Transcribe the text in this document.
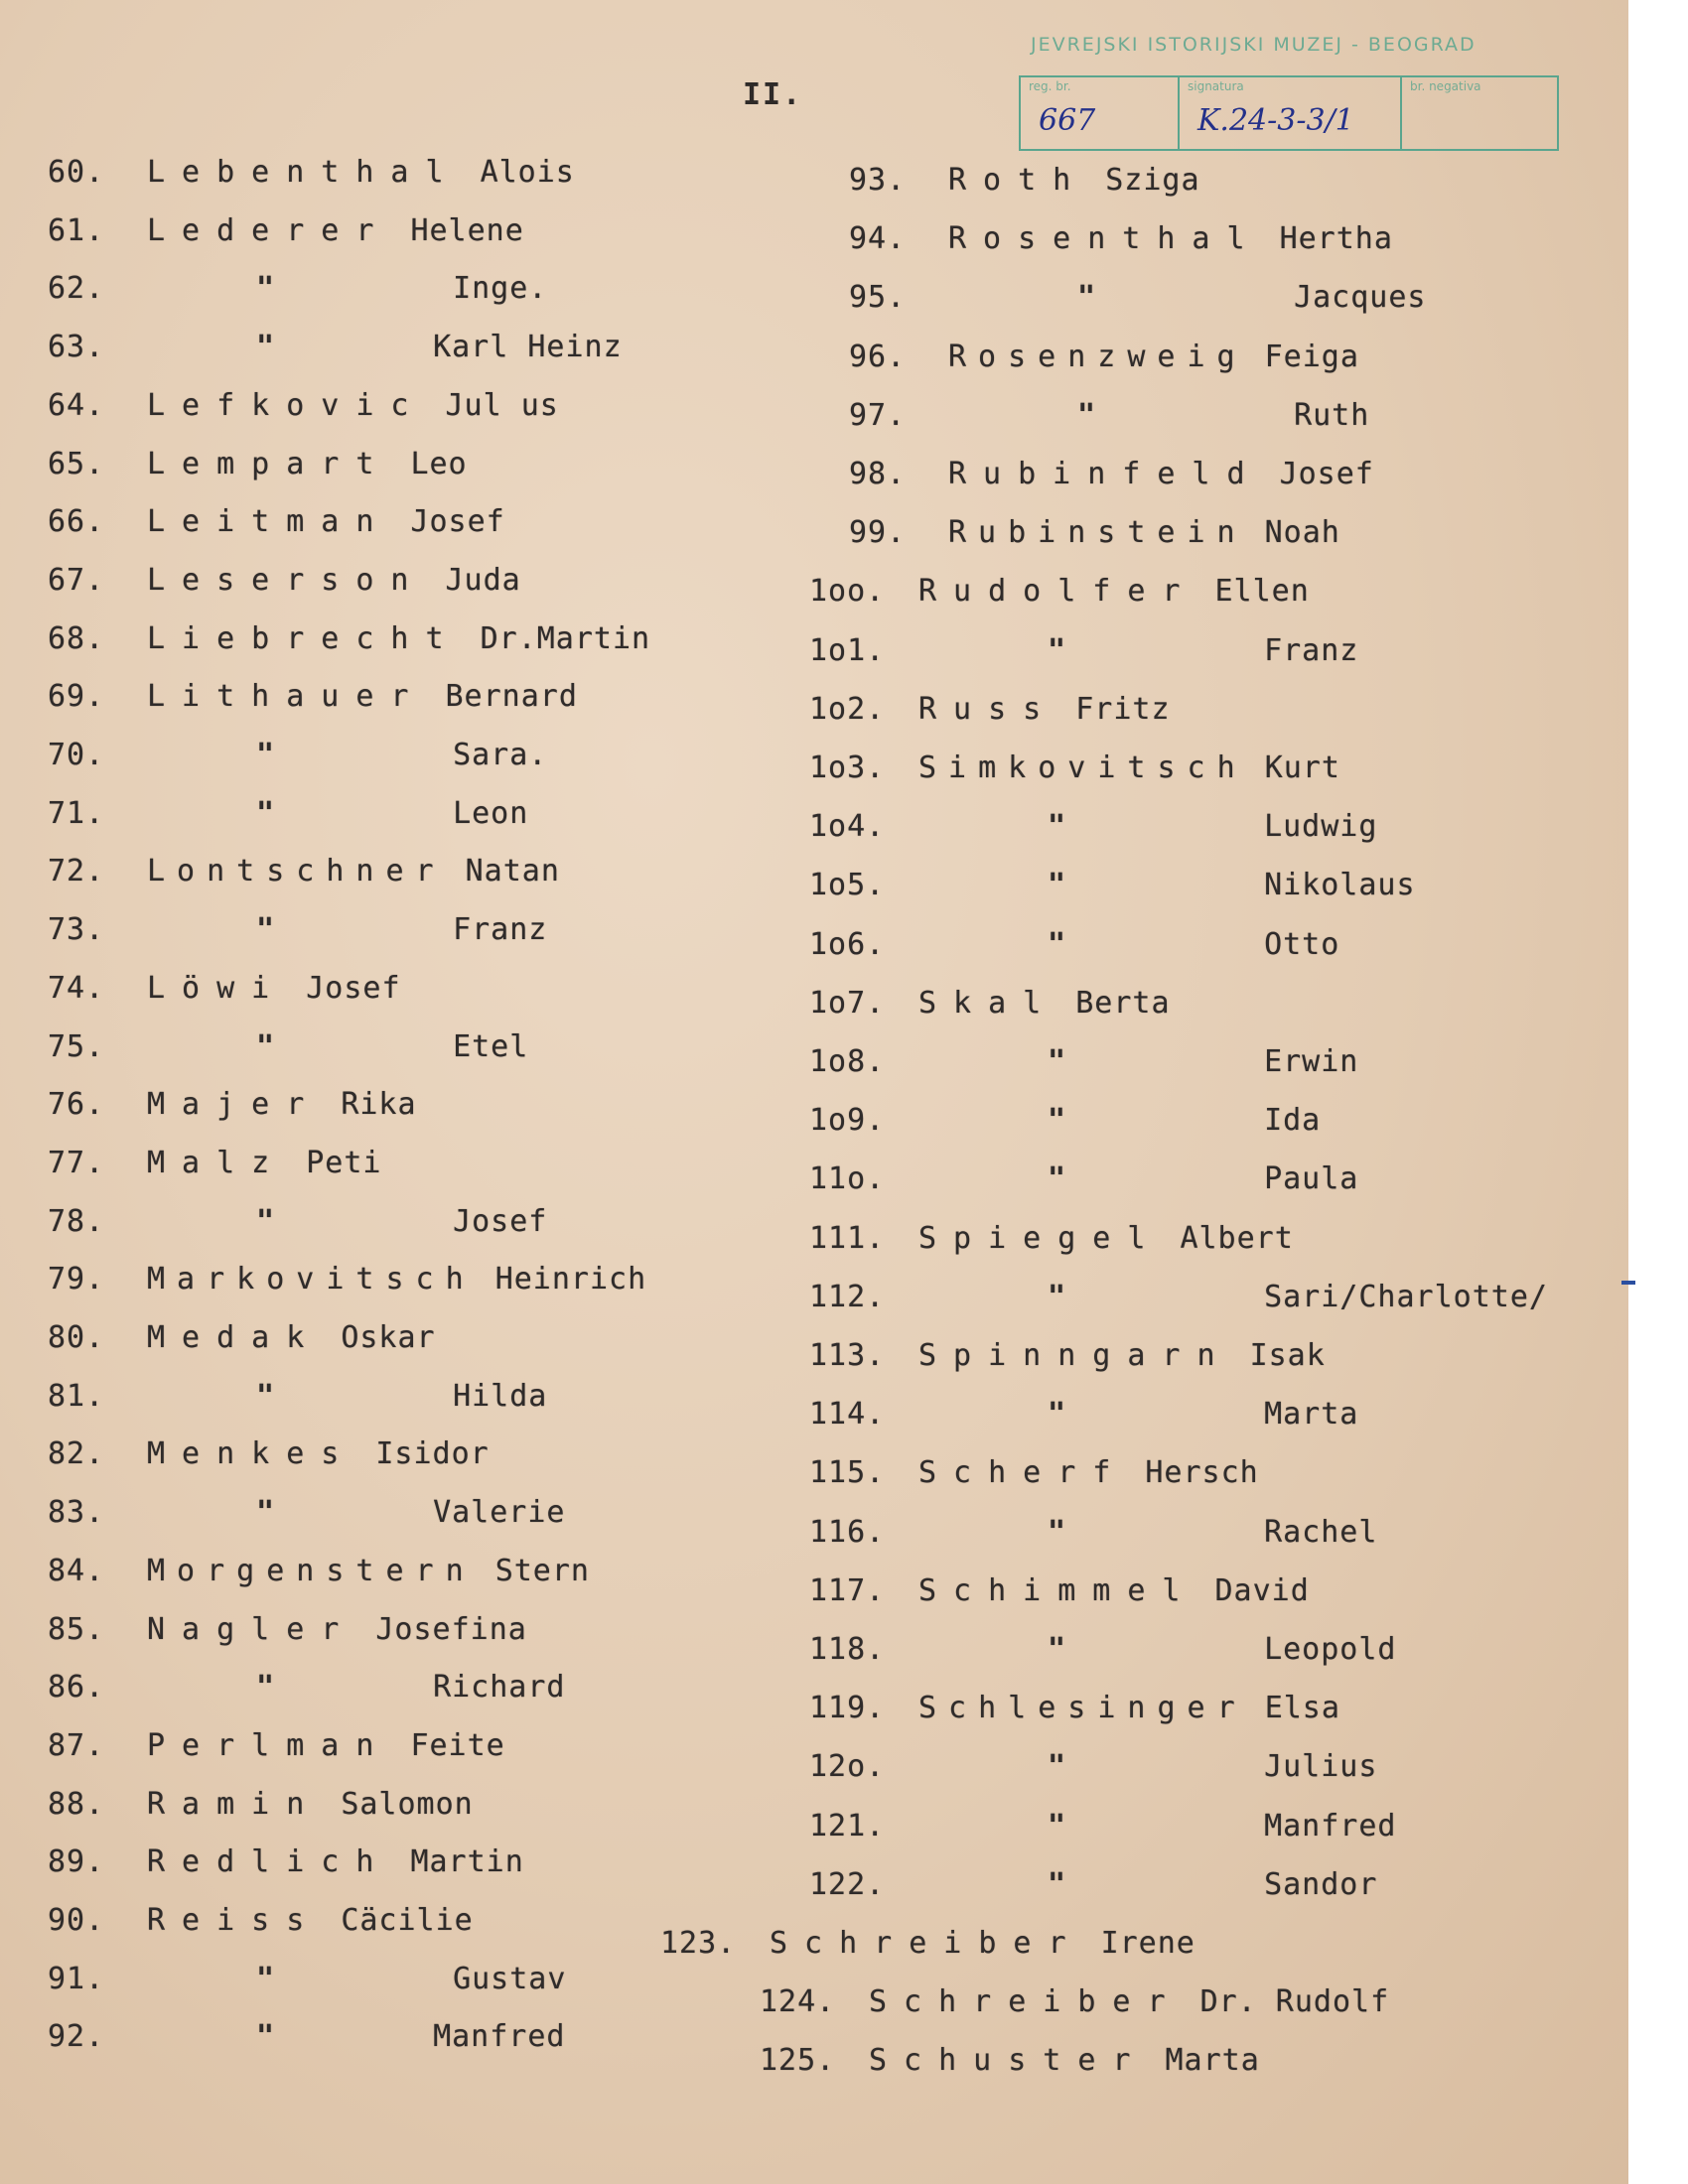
JEVREJSKI ISTORIJSKI MUZEJ - BEOGRAD
reg. br.
667
signatura
K.24-3-3/1
br. negativa
II.
60. Lebenthal Alois
61. Lederer Helene
62.	"	Inge.
63.	"	Karl Heinz
64. Lefkovic Jul us
65. Lempart Leo
66. Leitman Josef
67. Leserson Juda
68. Liebrecht Dr.Martin
69. Lithauer Bernard
70.	"	Sara.
71.	"	Leon
72. Lontschner Natan
73.	"	Franz
74. Löwi Josef
75.	"	Etel
76. Majer Rika
77. Malz Peti
78.	"	Josef
79. Markovitsch Heinrich
80. Medak Oskar
81.	"	Hilda
82. Menkes Isidor
83.	"	Valerie
84. Morgenstern Stern
85. Nagler Josefina
86.	"	Richard
87. Perlman Feite
88. Ramin Salomon
89. Redlich Martin
90. Reiss Cäcilie
91.	"	Gustav
92.	"	Manfred
93. Roth Sziga
94. Rosenthal Hertha
95.	"	Jacques
96. Rosenzweig Feiga
97.	"	Ruth
98. Rubinfeld Josef
99. Rubinstein Noah
1oo. Rudolfer Ellen
1o1.	"	Franz
1o2. Russ Fritz
1o3. Simkovitsch Kurt
1o4.	"	Ludwig
1o5.	"	Nikolaus
1o6.	"	Otto
1o7. Skal Berta
1o8.	"	Erwin
1o9.	"	Ida
11o.	"	Paula
111. Spiegel Albert
112.	"	Sari/Charlotte/
113. Spinngarn Isak
114.	"	Marta
115. Scherf Hersch
116.	"	Rachel
117. Schimmel David
118.	"	Leopold
119. Schlesinger Elsa
12o.	"	Julius
121.	"	Manfred
122.	"	Sandor
123. Schreiber Irene
124. Schreiber Dr. Rudolf
125. Schuster Marta
